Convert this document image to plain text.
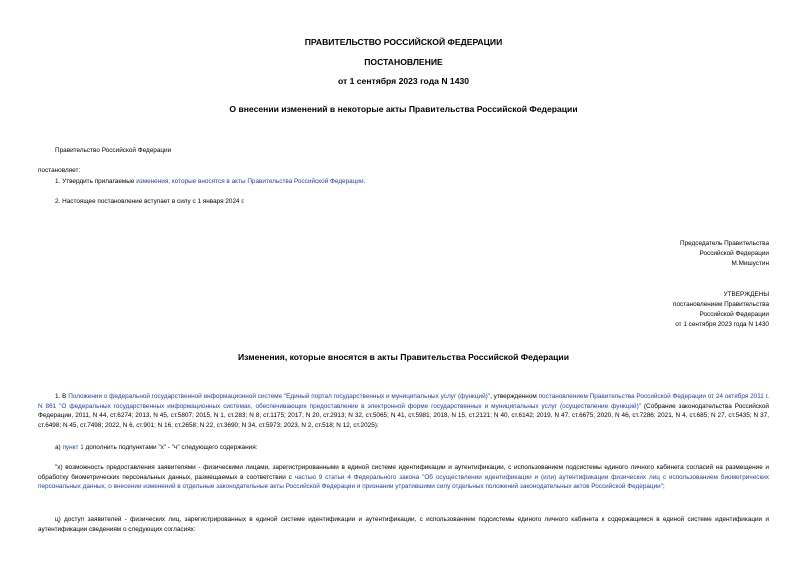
ПРАВИТЕЛЬСТВО РОССИЙСКОЙ ФЕДЕРАЦИИ
ПОСТАНОВЛЕНИЕ
от 1 сентября 2023 года N 1430
О внесении изменений в некоторые акты Правительства Российской Федерации
Правительство Российской Федерации
постановляет:
1. Утвердить прилагаемые изменения, которые вносятся в акты Правительства Российской Федерации.
2. Настоящее постановление вступает в силу с 1 января 2024 г.
Председатель Правительства
Российской Федерации
М.Мишустин
УТВЕРЖДЕНЫ
постановлением Правительства
Российской Федерации
от 1 сентября 2023 года N 1430
Изменения, которые вносятся в акты Правительства Российской Федерации
1. В Положении о федеральной государственной информационной системе "Единый портал государственных и муниципальных услуг (функций)", утвержденном постановлением Правительства Российской Федерации от 24 октября 2011 г. N 861 "О федеральных государственных информационных системах, обеспечивающих предоставление в электронной форме государственных и муниципальных услуг (осуществление функций)" (Собрание законодательства Российской Федерации, 2011, N 44, ст.6274; 2013, N 45, ст.5807; 2015, N 1, ст.283; N 8, ст.1175; 2017, N 20, ст.2913; N 32, ст.5065; N 41, ст.5981; 2018, N 15, ст.2121; N 40, ст.6142; 2019, N 47, ст.6675; 2020, N 46, ст.7286; 2021, N 4, ст.685; N 27, ст.5435; N 37, ст.6498; N 45, ст.7498; 2022, N 6, ст.901; N 16, ст.2658; N 22, ст.3690; N 34, ст.5973; 2023, N 2, ст.518; N 12, ст.2025):
а) пункт 1 дополнить подпунктами "х" - "ч" следующего содержания:
"х) возможность предоставления заявителями - физическими лицами, зарегистрированными в единой системе идентификации и аутентификации, с использованием подсистемы единого личного кабинета согласий на размещение и обработку биометрических персональных данных, размещаемых в соответствии с частью 9 статьи 4 Федерального закона "Об осуществлении идентификации и (или) аутентификации физических лиц с использованием биометрических персональных данных, о внесении изменений в отдельные законодательные акты Российской Федерации и признании утратившими силу отдельных положений законодательных актов Российской Федерации";
ц) доступ заявителей - физических лиц, зарегистрированных в единой системе идентификации и аутентификации, с использованием подсистемы единого личного кабинета к содержащимся в единой системе идентификации и аутентификации сведениям о следующих согласиях:
